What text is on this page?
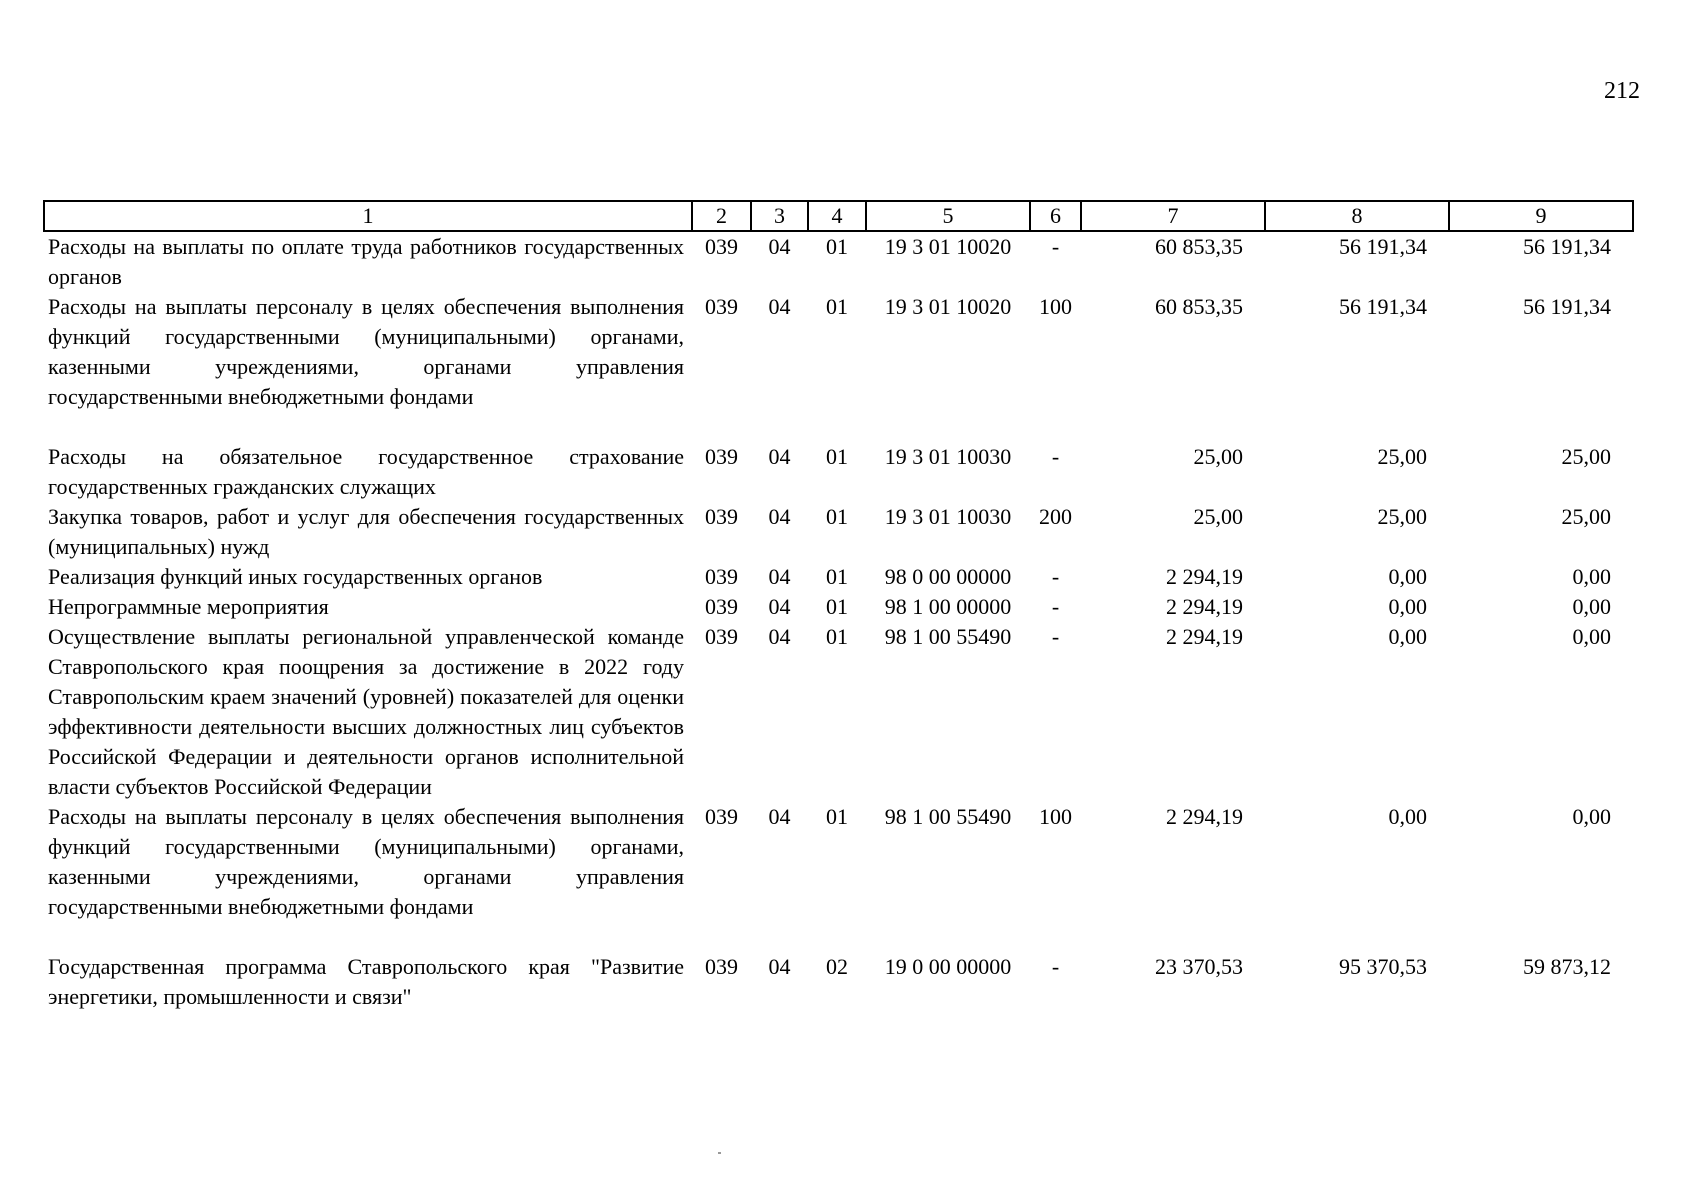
212
1	2	3	4	5	6	7	8	9
Расходы на выплаты по оплате труда работников государственных органов	039	04	01	19 3 01 10020	-	60 853,35	56 191,34	56 191,34
Расходы на выплаты персоналу в целях обеспечения выполнения функций государственными (муниципальными) органами, казенными учреждениями, органами управления государственными внебюджетными фондами	039	04	01	19 3 01 10020	100	60 853,35	56 191,34	56 191,34
Расходы на обязательное государственное страхование государственных гражданских служащих	039	04	01	19 3 01 10030	-	25,00	25,00	25,00
Закупка товаров, работ и услуг для обеспечения государственных (муниципальных) нужд	039	04	01	19 3 01 10030	200	25,00	25,00	25,00
Реализация функций иных государственных органов	039	04	01	98 0 00 00000	-	2 294,19	0,00	0,00
Непрограммные мероприятия	039	04	01	98 1 00 00000	-	2 294,19	0,00	0,00
Осуществление выплаты региональной управленческой команде Ставропольского края поощрения за достижение в 2022 году Ставропольским краем значений (уровней) показателей для оценки эффективности деятельности высших должностных лиц субъектов Российской Федерации и деятельности органов исполнительной власти субъектов Российской Федерации	039	04	01	98 1 00 55490	-	2 294,19	0,00	0,00
Расходы на выплаты персоналу в целях обеспечения выполнения функций государственными (муниципальными) органами, казенными учреждениями, органами управления государственными внебюджетными фондами	039	04	01	98 1 00 55490	100	2 294,19	0,00	0,00
Государственная программа Ставропольского края "Развитие энергетики, промышленности и связи"	039	04	02	19 0 00 00000	-	23 370,53	95 370,53	59 873,12
